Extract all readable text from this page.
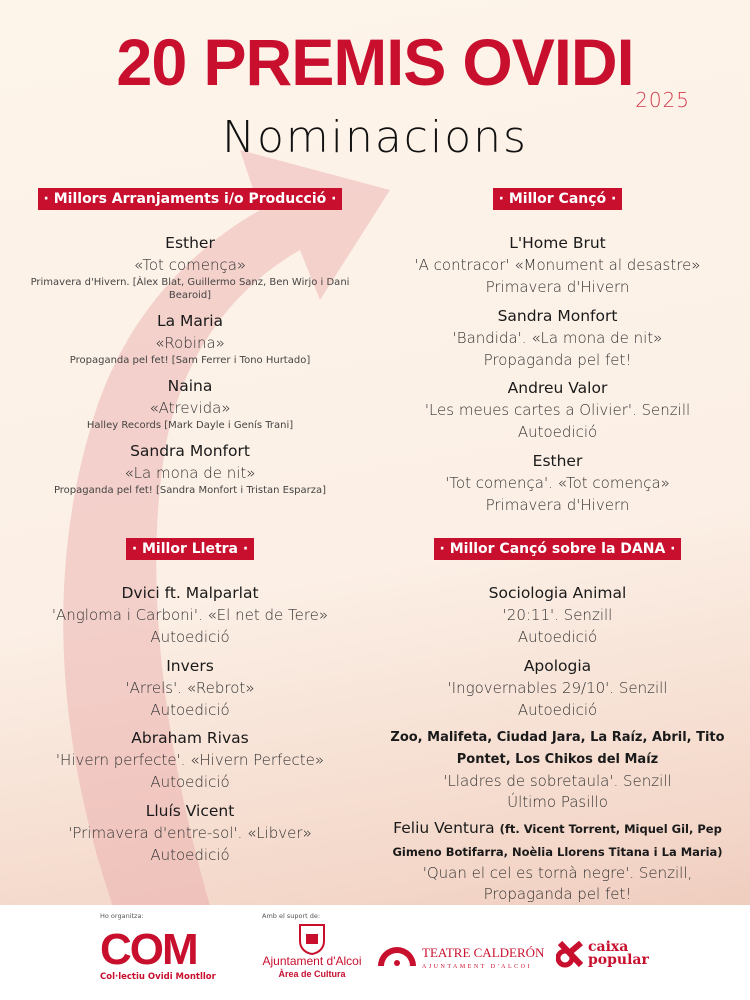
20 PREMIS OVIDI
2025
Nominacions
· Millors Arranjaments i/o Producció ·
Esther
«Tot comença»
Primavera d'Hivern. [Àlex Blat, Guillermo Sanz, Ben Wirjo i Dani Bearoid]
La Maria
«Robina»
Propaganda pel fet! [Sam Ferrer i Tono Hurtado]
Naina
«Atrevida»
Halley Records [Mark Dayle i Genís Trani]
Sandra Monfort
«La mona de nit»
Propaganda pel fet! [Sandra Monfort i Tristan Esparza]
· Millor Cançó ·
L'Home Brut
'A contracor' «Monument al desastre»
Primavera d'Hivern
Sandra Monfort
'Bandida'. «La mona de nit»
Propaganda pel fet!
Andreu Valor
'Les meues cartes a Olivier'. Senzill
Autoedició
Esther
'Tot comença'. «Tot comença»
Primavera d'Hivern
· Millor Lletra ·
Dvici ft. Malparlat
'Angloma i Carboni'. «El net de Tere»
Autoedició
Invers
'Arrels'. «Rebrot»
Autoedició
Abraham Rivas
'Hivern perfecte'. «Hivern Perfecte»
Autoedició
Lluís Vicent
'Primavera d'entre-sol'. «Libver»
Autoedició
· Millor Cançó sobre la DANA ·
Sociologia Animal
'20:11'. Senzill
Autoedició
Apologia
'Ingovernables 29/10'. Senzill
Autoedició
Zoo, Malifeta, Ciudad Jara, La Raíz, Abril, Tito Pontet, Los Chikos del Maíz
'Lladres de sobretaula'. Senzill
Último Pasillo
Feliu Ventura (ft. Vicent Torrent, Miquel Gil, Pep Gimeno Botifarra, Noèlia Llorens Titana i La Maria)
'Quan el cel es tornà negre'. Senzill,
Propaganda pel fet!
Ho organitza:	Amb el suport de:
COM
Col·lectiu Ovidi Montllor
Ajuntament d'Alcoi
Àrea de Cultura
TEATRE CALDERÓN
AJUNTAMENT D'ALCOI
caixa
popular
